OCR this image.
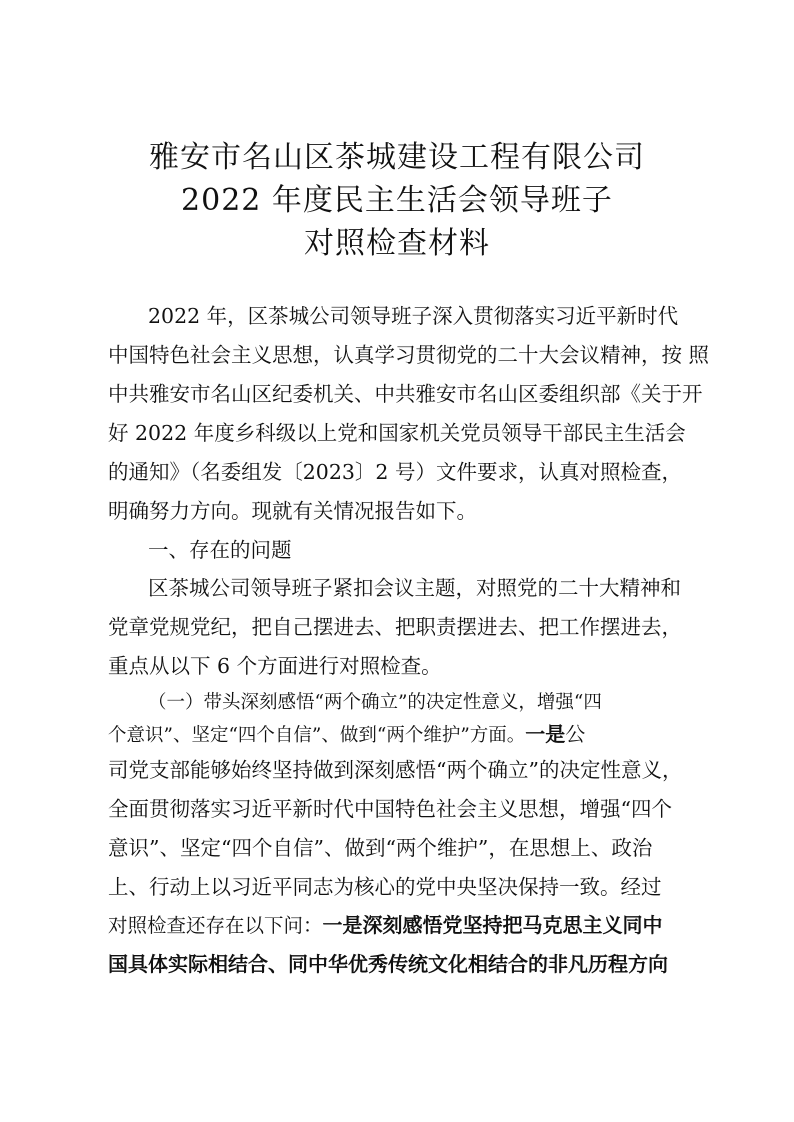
雅安市名山区茶城建设工程有限公司
2022 年度民主生活会领导班子
对照检查材料
2022 年，区茶城公司领导班子深入贯彻落实习近平新时代
中国特色社会主义思想，认真学习贯彻党的二十大会议精神，按 照
中共雅安市名山区纪委机关、中共雅安市名山区委组织部《关于开
好 2022 年度乡科级以上党和国家机关党员领导干部民主生活会
的通知》（名委组发〔2023〕2 号）文件要求，认真对照检查，
明确努力方向。现就有关情况报告如下。
一、存在的问题
区茶城公司领导班子紧扣会议主题，对照党的二十大精神和
党章党规党纪，把自己摆进去、把职责摆进去、把工作摆进去，
重点从以下 6 个方面进行对照检查。
（一）带头深刻感悟“两个确立”的决定性意义，增强“四
个意识”、坚定“四个自信”、做到“两个维护”方面。一是公
司党支部能够始终坚持做到深刻感悟“两个确立”的决定性意义，
全面贯彻落实习近平新时代中国特色社会主义思想，增强“四个
意识”、坚定“四个自信”、做到“两个维护”，在思想上、政治
上、行动上以习近平同志为核心的党中央坚决保持一致。经过
对照检查还存在以下问：一是深刻感悟党坚持把马克思主义同中
国具体实际相结合、同中华优秀传统文化相结合的非凡历程方向
